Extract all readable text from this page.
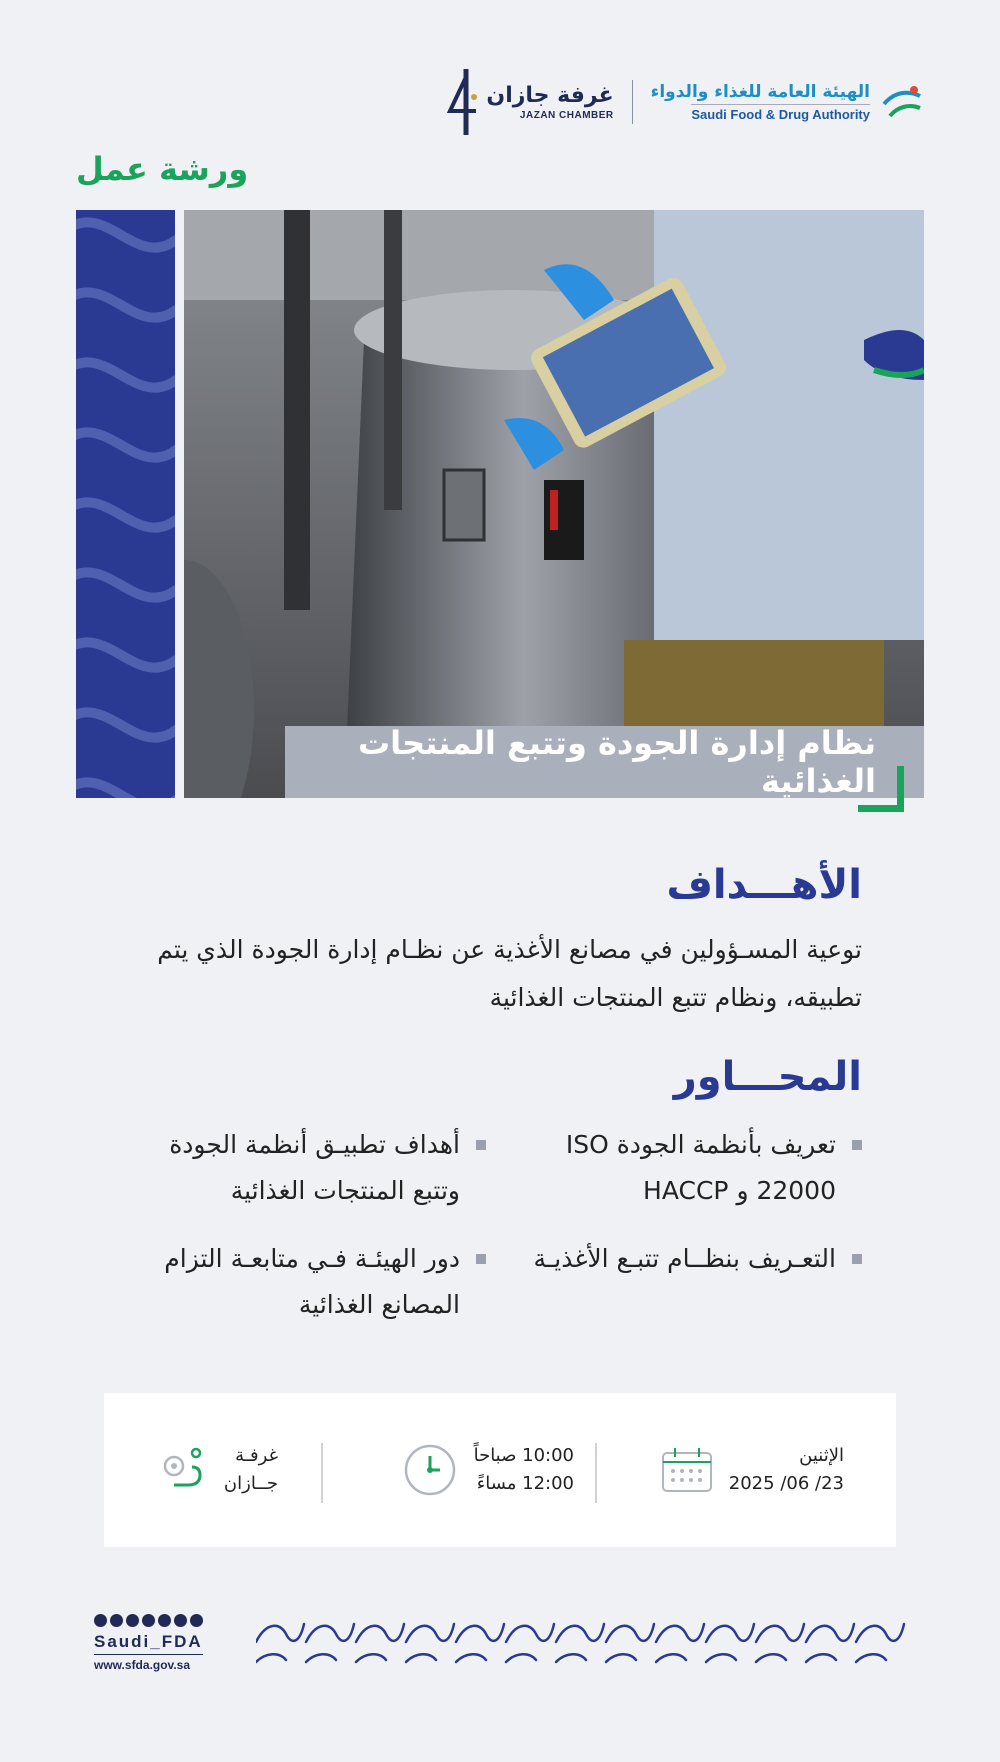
غرفة جازان
JAZAN CHAMBER
الهيئة العامة للغذاء والدواء
Saudi Food & Drug Authority
ورشة عمل
نظام إدارة الجودة وتتبع المنتجات الغذائية
الأهـــداف
توعية المسـؤولين في مصانع الأغذية عن نظـام إدارة الجودة الذي يتم تطبيقه، ونظام تتبع المنتجات الغذائية
المحـــاور
تعريف بأنظمة الجودة ISO 22000 و HACCP
أهداف تطبيـق أنظمة الجودة وتتبع المنتجات الغذائية
التعـريف بنظــام تتبـع الأغذيـة
دور الهيئـة فـي متابعـة التزام المصانع الغذائية
الإثنين
23/ 06/ 2025
10:00 صباحاً
12:00 مساءً
غرفـة
جــازان
Saudi_FDA
www.sfda.gov.sa
